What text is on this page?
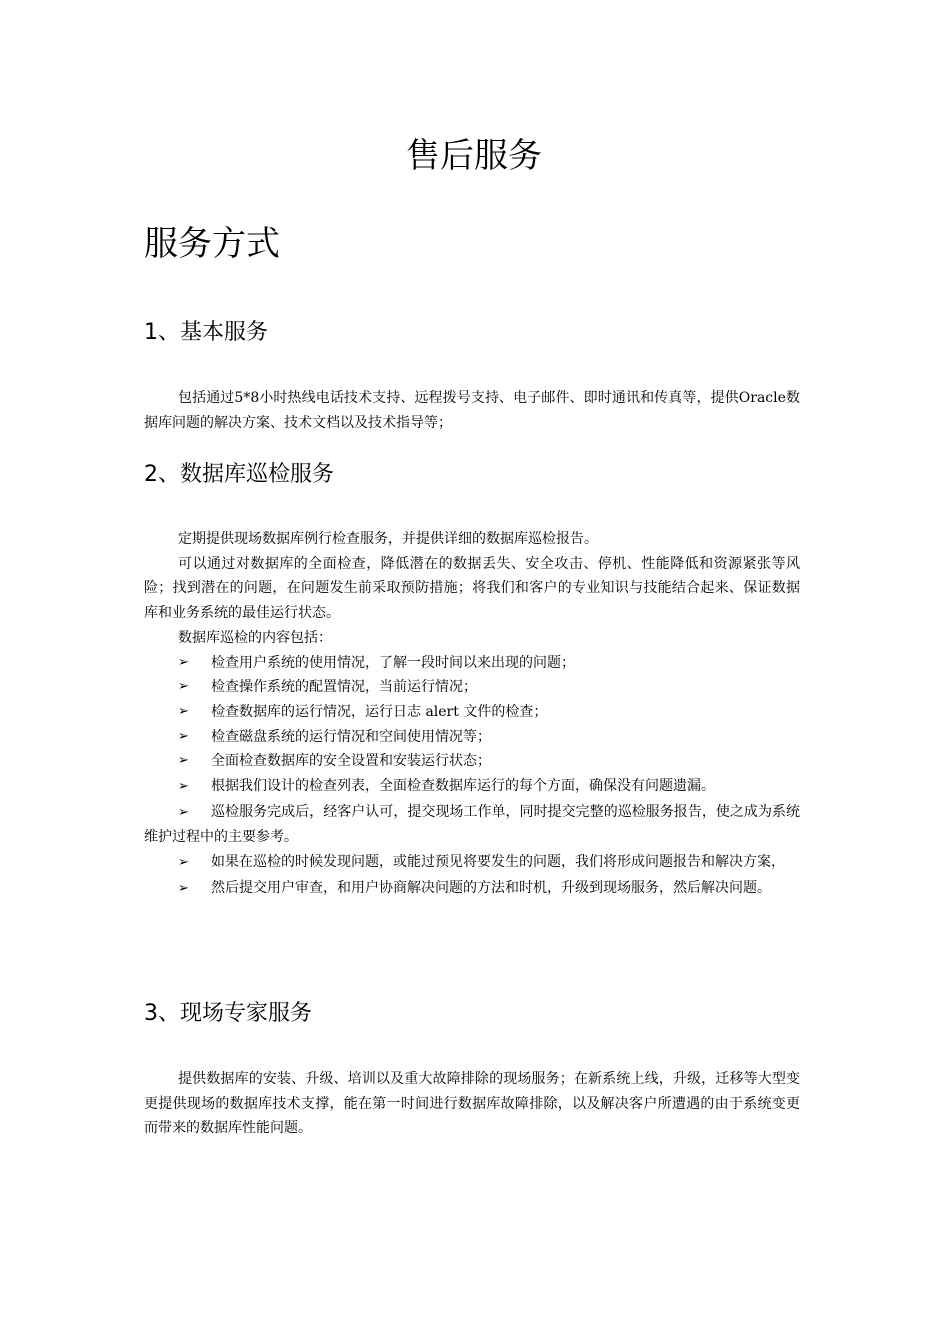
售后服务
服务方式
1、基本服务
包括通过5*8小时热线电话技术支持、远程拨号支持、电子邮件、即时通讯和传真等，提供Oracle数据库问题的解决方案、技术文档以及技术指导等；
2、数据库巡检服务
定期提供现场数据库例行检查服务，并提供详细的数据库巡检报告。
可以通过对数据库的全面检查，降低潜在的数据丢失、安全攻击、停机、性能降低和资源紧张等风险；找到潜在的问题，在问题发生前采取预防措施；将我们和客户的专业知识与技能结合起来、保证数据库和业务系统的最佳运行状态。
数据库巡检的内容包括：
➢ 检查用户系统的使用情况，了解一段时间以来出现的问题；
➢ 检查操作系统的配置情况，当前运行情况；
➢ 检查数据库的运行情况，运行日志 alert 文件的检查；
➢ 检查磁盘系统的运行情况和空间使用情况等；
➢ 全面检查数据库的安全设置和安装运行状态；
➢ 根据我们设计的检查列表，全面检查数据库运行的每个方面，确保没有问题遗漏。
➢ 巡检服务完成后，经客户认可，提交现场工作单，同时提交完整的巡检服务报告，使之成为系统维护过程中的主要参考。
➢ 如果在巡检的时候发现问题，或能过预见将要发生的问题，我们将形成问题报告和解决方案，
➢ 然后提交用户审查，和用户协商解决问题的方法和时机，升级到现场服务，然后解决问题。
3、现场专家服务
提供数据库的安装、升级、培训以及重大故障排除的现场服务；在新系统上线，升级，迁移等大型变更提供现场的数据库技术支撑，能在第一时间进行数据库故障排除，以及解决客户所遭遇的由于系统变更而带来的数据库性能问题。
